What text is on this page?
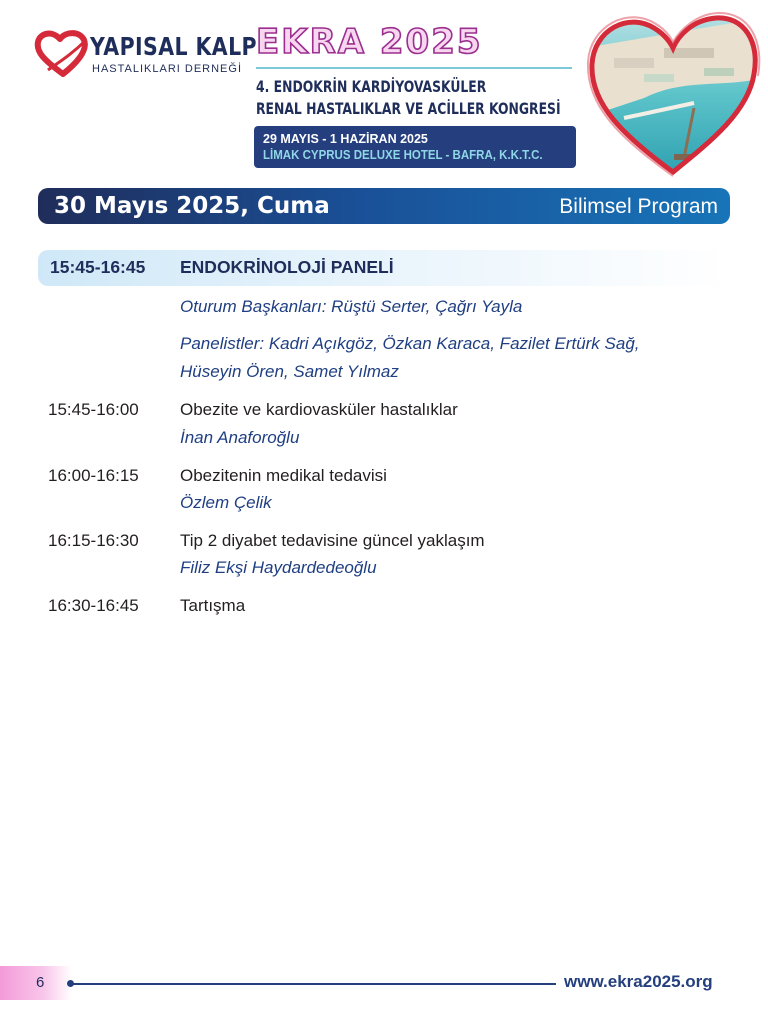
YAPISAL KALP
HASTALIKLARI DERNEĞİ
EKRA 2025
4. ENDOKRİN KARDİYOVASKÜLER
RENAL HASTALIKLAR VE ACİLLER KONGRESİ
29 MAYIS - 1 HAZİRAN 2025
LİMAK CYPRUS DELUXE HOTEL - BAFRA, K.K.T.C.
30 Mayıs 2025, Cuma	Bilimsel Program
15:45-16:45 ENDOKRİNOLOJİ PANELİ
Oturum Başkanları: Rüştü Serter, Çağrı Yayla
Panelistler: Kadri Açıkgöz, Özkan Karaca, Fazilet Ertürk Sağ,
Hüseyin Ören, Samet Yılmaz
15:45-16:00 Obezite ve kardiovasküler hastalıklar
İnan Anaforoğlu
16:00-16:15 Obezitenin medikal tedavisi
Özlem Çelik
16:15-16:30 Tip 2 diyabet tedavisine güncel yaklaşım
Filiz Ekşi Haydardedeoğlu
16:30-16:45 Tartışma
6	www.ekra2025.org
